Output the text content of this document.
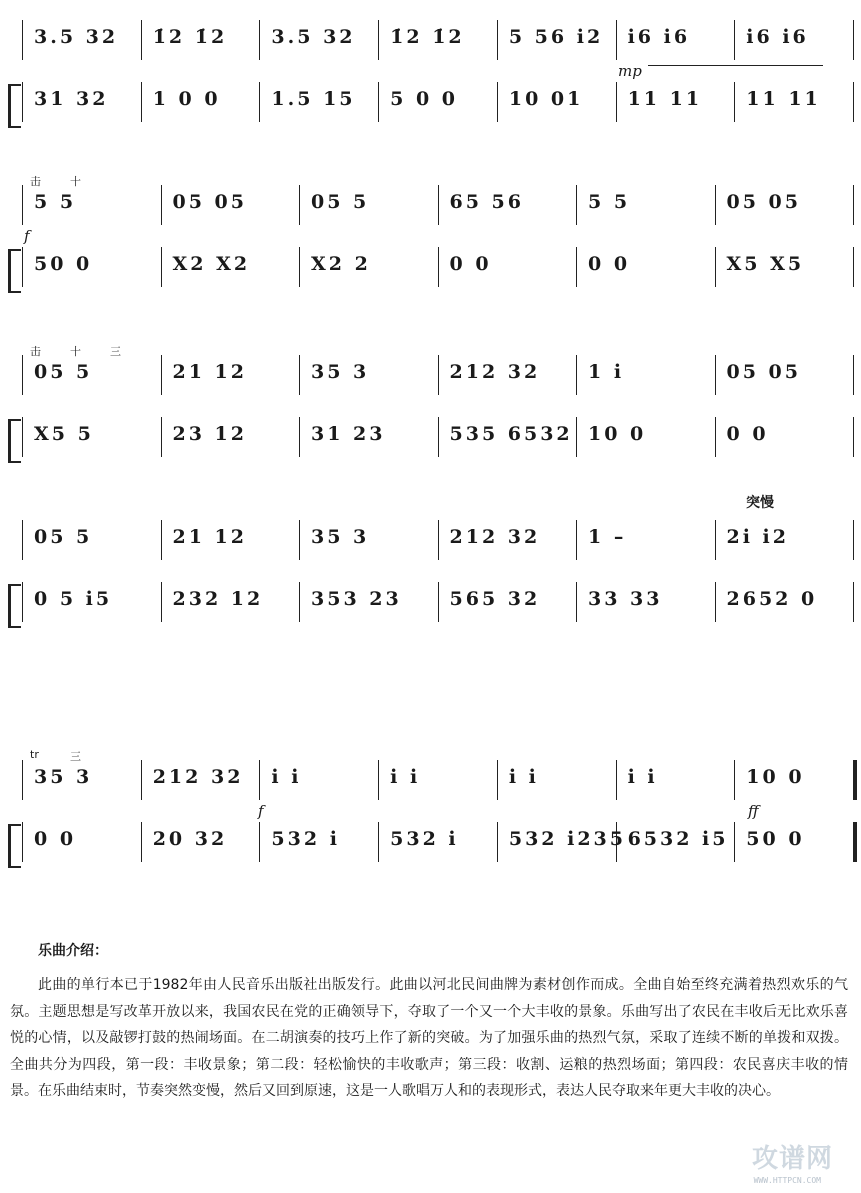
3.5 32 1̇2 1̇2 3.5 32 1̇2 1̇2 5 56 i2 i6 i6	i6 i6
31 32 1 0 0	1.5 15 5 0 0	10 01 11 11 11 11
mp
5 5	05 05	05 5	65 56	5 5	05 05
50 0	X2 X2	X2 2	0 0	0 0	X5 X5
f
击	十
05 5	21 12	35 3	212 32	1 i	05 05
X5 5	23 12	31 23	535 6532 10 0	0 0
击	十	三
05 5	21 12	35 3	212 32	1 –	2i i2
0 5 i5	232 12	353 23	565 32	33 33	2652 0
突慢
35 3	212 32 i i	i i	i i	i i	10 0
0 0	20 32 532 i	532 i	532 i235 6532 i5 50 0
f	ff
tr	三
乐曲介绍：
此曲的单行本已于1982年由人民音乐出版社出版发行。此曲以河北民间曲牌为素材创作而成。全曲自始至终充满着热烈欢乐的气氛。主题思想是写改革开放以来，我国农民在党的正确领导下，夺取了一个又一个大丰收的景象。乐曲写出了农民在丰收后无比欢乐喜悦的心情，以及敲锣打鼓的热闹场面。在二胡演奏的技巧上作了新的突破。为了加强乐曲的热烈气氛，采取了连续不断的单拨和双拨。全曲共分为四段，第一段：丰收景象；第二段：轻松愉快的丰收歌声；第三段：收割、运粮的热烈场面；第四段：农民喜庆丰收的情景。在乐曲结束时，节奏突然变慢，然后又回到原速，这是一人歌唱万人和的表现形式，表达人民夺取来年更大丰收的决心。
攻谱网
WWW.HTTPCN.COM
